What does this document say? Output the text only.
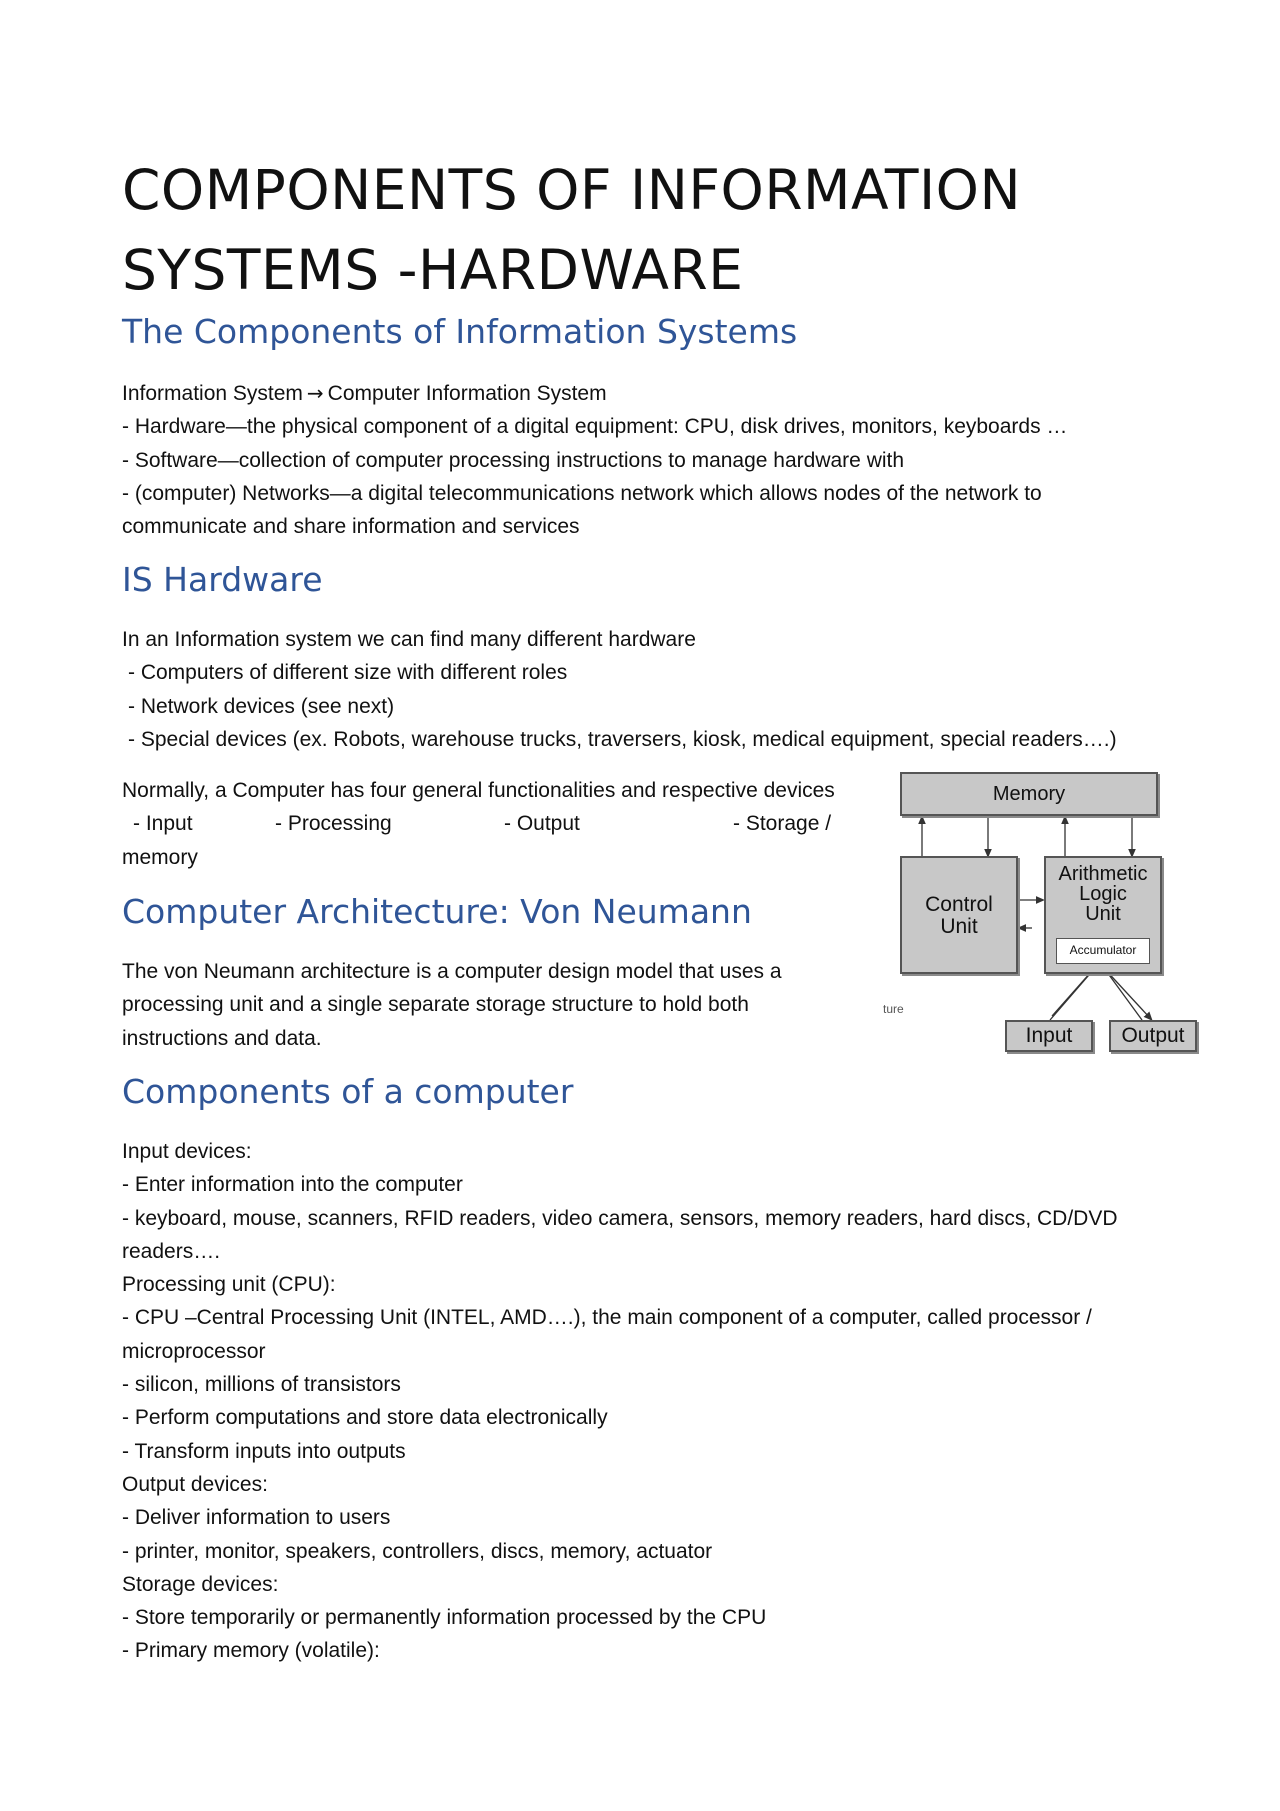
COMPONENTS OF INFORMATION
SYSTEMS -HARDWARE
The Components of Information Systems
Information System → Computer Information System
- Hardware—the physical component of a digital equipment: CPU, disk drives, monitors, keyboards …
- Software—collection of computer processing instructions to manage hardware with
- (computer) Networks—a digital telecommunications network which allows nodes of the network to communicate and share information and services
IS Hardware
In an Information system we can find many different hardware
- Computers of different size with different roles
- Network devices (see next)
- Special devices (ex. Robots, warehouse trucks, traversers, kiosk, medical equipment, special readers….)
Normally, a Computer has four general functionalities and respective devices
- Input	- Processing	- Output	- Storage /
memory
Computer Architecture: Von Neumann
The von Neumann architecture is a computer design model that uses a processing unit and a single separate storage structure to hold both instructions and data.
Memory
Control
Unit
Arithmetic
Logic
Unit
Accumulator
Input	Output
ture
Components of a computer
Input devices:
- Enter information into the computer
- keyboard, mouse, scanners, RFID readers, video camera, sensors, memory readers, hard discs, CD/DVD readers….
Processing unit (CPU):
- CPU –Central Processing Unit (INTEL, AMD….), the main component of a computer, called processor / microprocessor
- silicon, millions of transistors
- Perform computations and store data electronically
- Transform inputs into outputs
Output devices:
- Deliver information to users
- printer, monitor, speakers, controllers, discs, memory, actuator
Storage devices:
- Store temporarily or permanently information processed by the CPU
- Primary memory (volatile):
